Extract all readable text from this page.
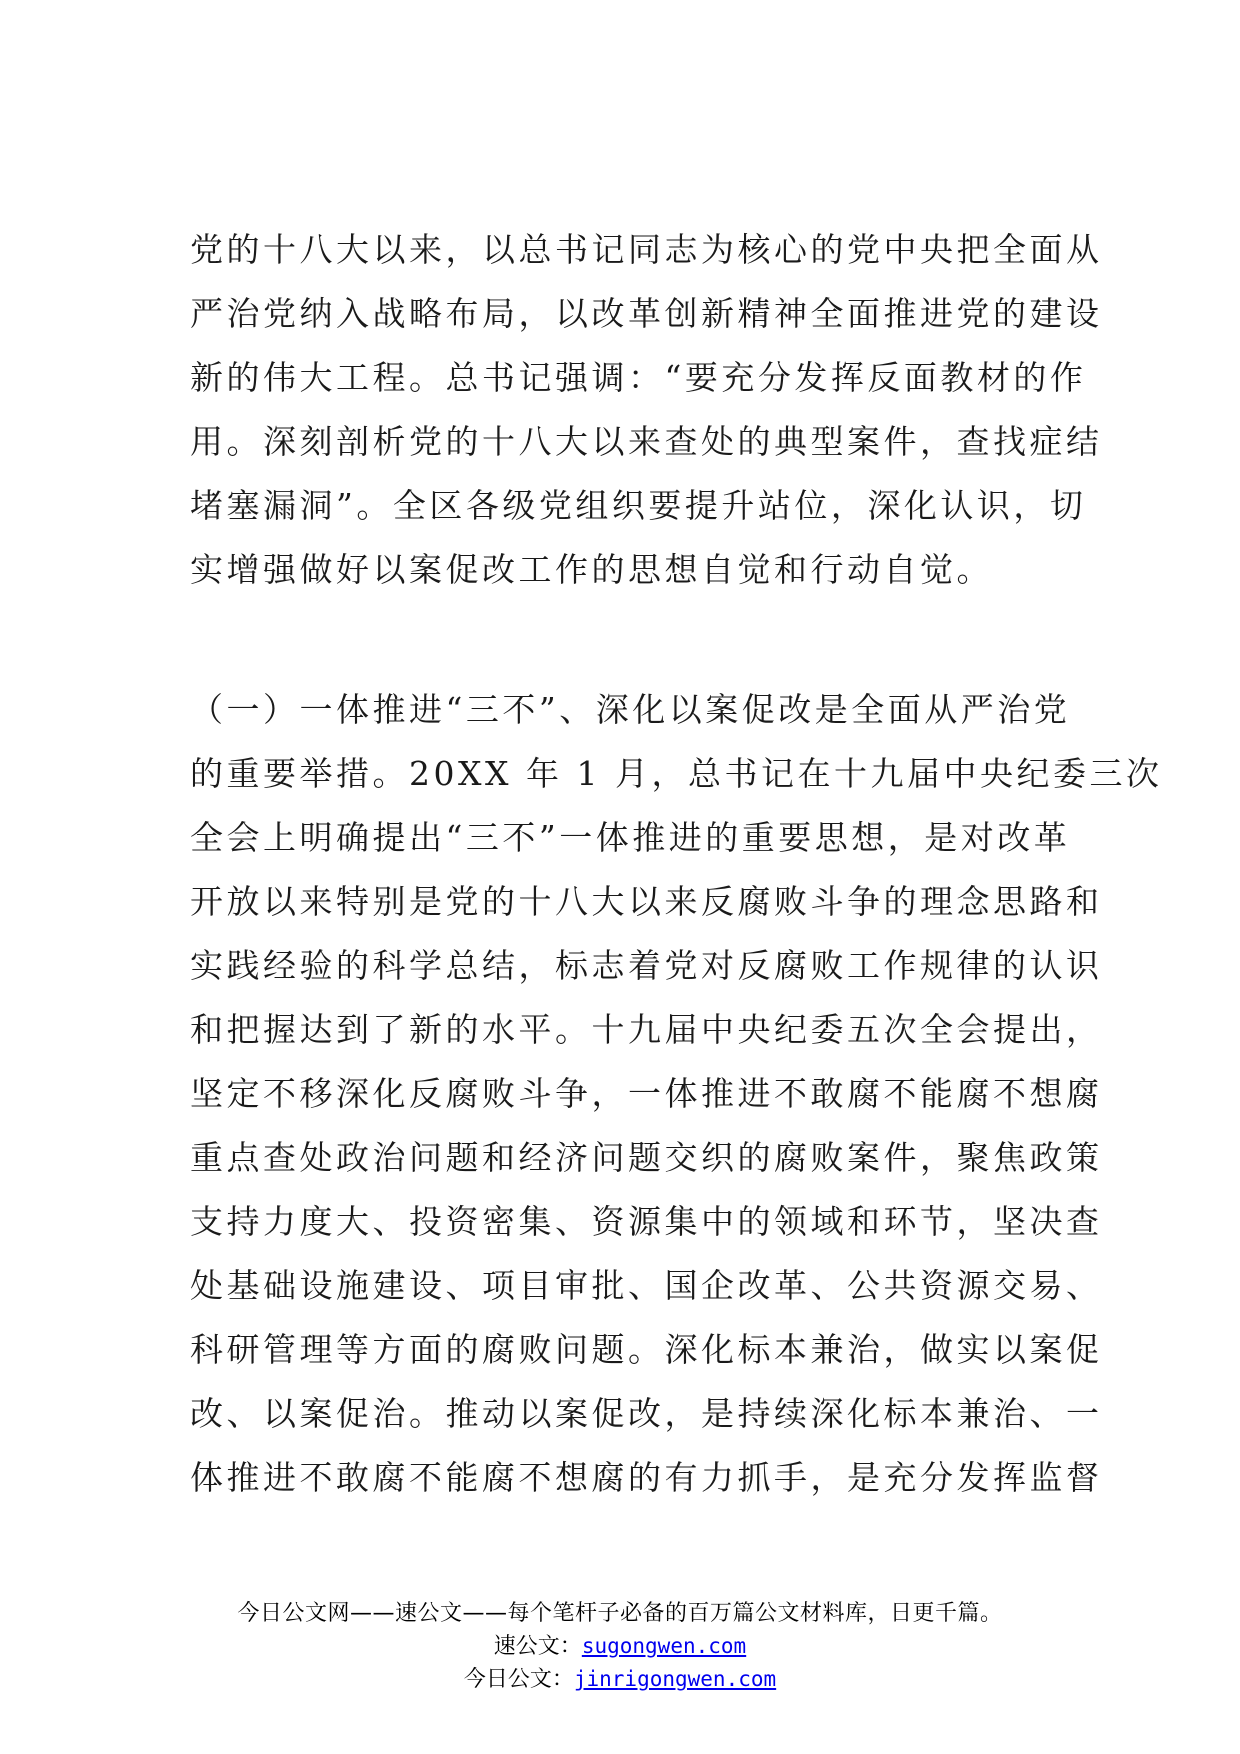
党的十八大以来，以总书记同志为核心的党中央把全面从
严治党纳入战略布局，以改革创新精神全面推进党的建设
新的伟大工程。总书记强调：“要充分发挥反面教材的作
用。深刻剖析党的十八大以来查处的典型案件，查找症结
堵塞漏洞”。全区各级党组织要提升站位，深化认识，切
实增强做好以案促改工作的思想自觉和行动自觉。
（一）一体推进“三不”、深化以案促改是全面从严治党
的重要举措。20XX 年 1 月，总书记在十九届中央纪委三次
全会上明确提出“三不”一体推进的重要思想，是对改革
开放以来特别是党的十八大以来反腐败斗争的理念思路和
实践经验的科学总结，标志着党对反腐败工作规律的认识
和把握达到了新的水平。十九届中央纪委五次全会提出，
坚定不移深化反腐败斗争，一体推进不敢腐不能腐不想腐
重点查处政治问题和经济问题交织的腐败案件，聚焦政策
支持力度大、投资密集、资源集中的领域和环节，坚决查
处基础设施建设、项目审批、国企改革、公共资源交易、
科研管理等方面的腐败问题。深化标本兼治，做实以案促
改、以案促治。推动以案促改，是持续深化标本兼治、一
体推进不敢腐不能腐不想腐的有力抓手，是充分发挥监督
今日公文网——速公文——每个笔杆子必备的百万篇公文材料库，日更千篇。
速公文：sugongwen.com
今日公文：jinrigongwen.com
